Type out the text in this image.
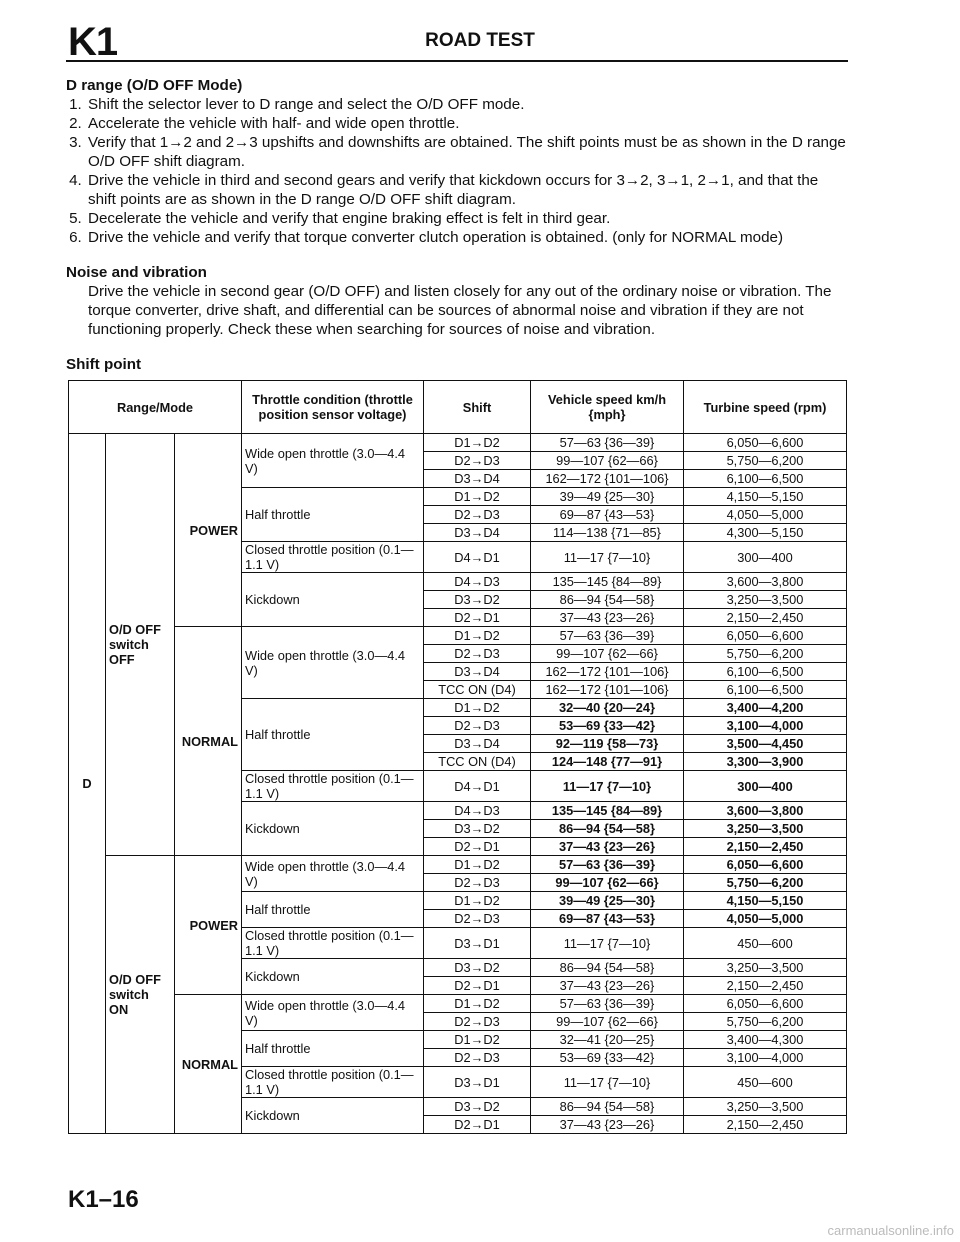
K1	ROAD TEST

D range (O/D OFF Mode)

1. Shift the selector lever to D range and select the O/D OFF mode.
2. Accelerate the vehicle with half- and wide open throttle.
3. Verify that 1→2 and 2→3 upshifts and downshifts are obtained. The shift points must be as shown in the D range O/D OFF shift diagram.
4. Drive the vehicle in third and second gears and verify that kickdown occurs for 3→2, 3→1, 2→1, and that the shift points are as shown in the D range O/D OFF shift diagram.
5. Decelerate the vehicle and verify that engine braking effect is felt in third gear.
6. Drive the vehicle and verify that torque converter clutch operation is obtained. (only for NORMAL mode)

Noise and vibration

Drive the vehicle in second gear (O/D OFF) and listen closely for any out of the ordinary noise or vibration. The torque converter, drive shaft, and differential can be sources of abnormal noise and vibration if they are not functioning properly. Check these when searching for sources of noise and vibration.

Shift point

Range/Mode			Throttle condition (throttle position sensor voltage)	Shift	Vehicle speed km/h {mph}	Turbine speed (rpm)
D	O/D OFF switch OFF	POWER	Wide open throttle (3.0—4.4 V)	D1→D2	57—63 {36—39}	6,050—6,600
				D2→D3	99—107 {62—66}	5,750—6,200
				D3→D4	162—172 {101—106}	6,100—6,500
			Half throttle	D1→D2	39—49 {25—30}	4,150—5,150
				D2→D3	69—87 {43—53}	4,050—5,000
				D3→D4	114—138 {71—85}	4,300—5,150
			Closed throttle position (0.1—1.1 V)	D4→D1	11—17 {7—10}	300—400
			Kickdown	D4→D3	135—145 {84—89}	3,600—3,800
				D3→D2	86—94 {54—58}	3,250—3,500
				D2→D1	37—43 {23—26}	2,150—2,450
		NORMAL	Wide open throttle (3.0—4.4 V)	D1→D2	57—63 {36—39}	6,050—6,600
				D2→D3	99—107 {62—66}	5,750—6,200
				D3→D4	162—172 {101—106}	6,100—6,500
				TCC ON (D4)	162—172 {101—106}	6,100—6,500
			Half throttle	D1→D2	32—40 {20—24}	3,400—4,200
				D2→D3	53—69 {33—42}	3,100—4,000
				D3→D4	92—119 {58—73}	3,500—4,450
				TCC ON (D4)	124—148 {77—91}	3,300—3,900
			Closed throttle position (0.1—1.1 V)	D4→D1	11—17 {7—10}	300—400
			Kickdown	D4→D3	135—145 {84—89}	3,600—3,800
				D3→D2	86—94 {54—58}	3,250—3,500
				D2→D1	37—43 {23—26}	2,150—2,450
	O/D OFF switch ON	POWER	Wide open throttle (3.0—4.4 V)	D1→D2	57—63 {36—39}	6,050—6,600
				D2→D3	99—107 {62—66}	5,750—6,200
			Half throttle	D1→D2	39—49 {25—30}	4,150—5,150
				D2→D3	69—87 {43—53}	4,050—5,000
			Closed throttle position (0.1—1.1 V)	D3→D1	11—17 {7—10}	450—600
			Kickdown	D3→D2	86—94 {54—58}	3,250—3,500
				D2→D1	37—43 {23—26}	2,150—2,450
		NORMAL	Wide open throttle (3.0—4.4 V)	D1→D2	57—63 {36—39}	6,050—6,600
				D2→D3	99—107 {62—66}	5,750—6,200
			Half throttle	D1→D2	32—41 {20—25}	3,400—4,300
				D2→D3	53—69 {33—42}	3,100—4,000
			Closed throttle position (0.1—1.1 V)	D3→D1	11—17 {7—10}	450—600
			Kickdown	D3→D2	86—94 {54—58}	3,250—3,500
				D2→D1	37—43 {23—26}	2,150—2,450
K1–16
carmanualsonline.info
